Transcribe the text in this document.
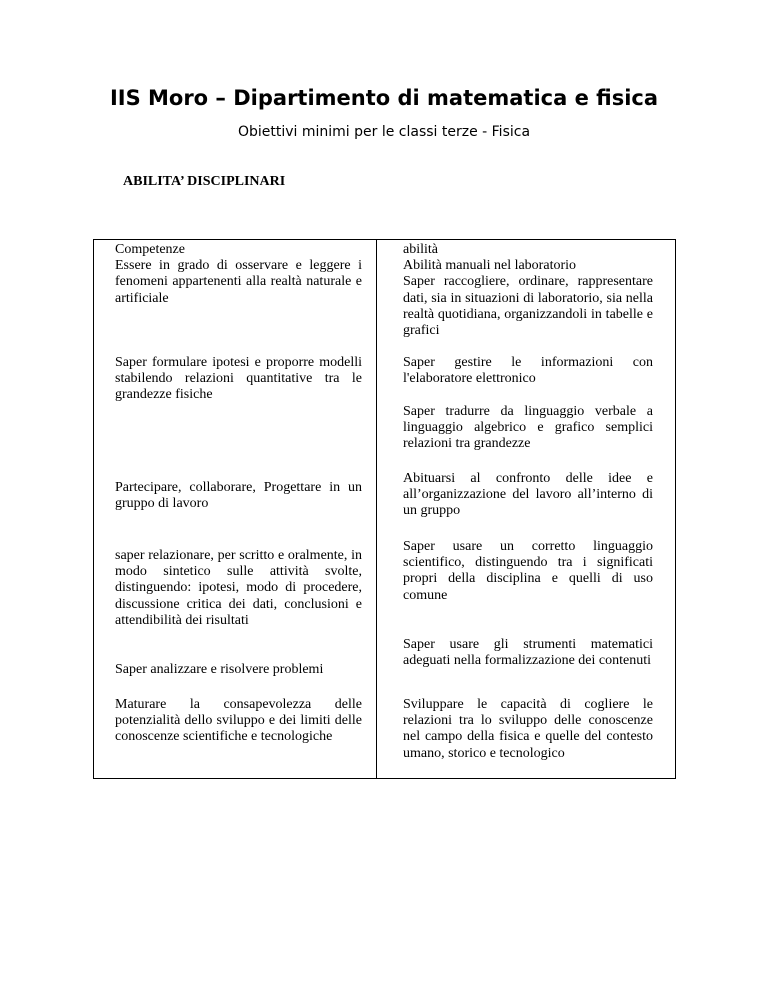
IIS Moro – Dipartimento di matematica e fisica
Obiettivi minimi per le classi terze - Fisica
ABILITA’ DISCIPLINARI
Competenze
Essere in grado di osservare e leggere i fenomeni appartenenti alla realtà naturale e artificiale
Saper formulare ipotesi e proporre modelli stabilendo relazioni quantitative tra le grandezze fisiche
Partecipare, collaborare, Progettare in un gruppo di lavoro
saper relazionare, per scritto e oralmente, in modo sintetico sulle attività svolte, distinguendo: ipotesi, modo di procedere, discussione critica dei dati, conclusioni e attendibilità dei risultati
Saper analizzare e risolvere problemi
Maturare la consapevolezza delle potenzialità dello sviluppo e dei limiti delle conoscenze scientifiche e tecnologiche
abilità
Abilità manuali nel laboratorio
Saper raccogliere, ordinare, rappresentare dati, sia in situazioni di laboratorio, sia nella realtà quotidiana, organizzandoli in tabelle e grafici
Saper gestire le informazioni con l'elaboratore elettronico
Saper tradurre da linguaggio verbale a linguaggio algebrico e grafico semplici relazioni tra grandezze
Abituarsi al confronto delle idee e all’organizzazione del lavoro all’interno di un gruppo
Saper usare un corretto linguaggio scientifico, distinguendo tra i significati propri della disciplina e quelli di uso comune
Saper usare gli strumenti matematici adeguati nella formalizzazione dei contenuti
Sviluppare le capacità di cogliere le relazioni tra lo sviluppo delle conoscenze nel campo della fisica e quelle del contesto umano, storico e tecnologico
